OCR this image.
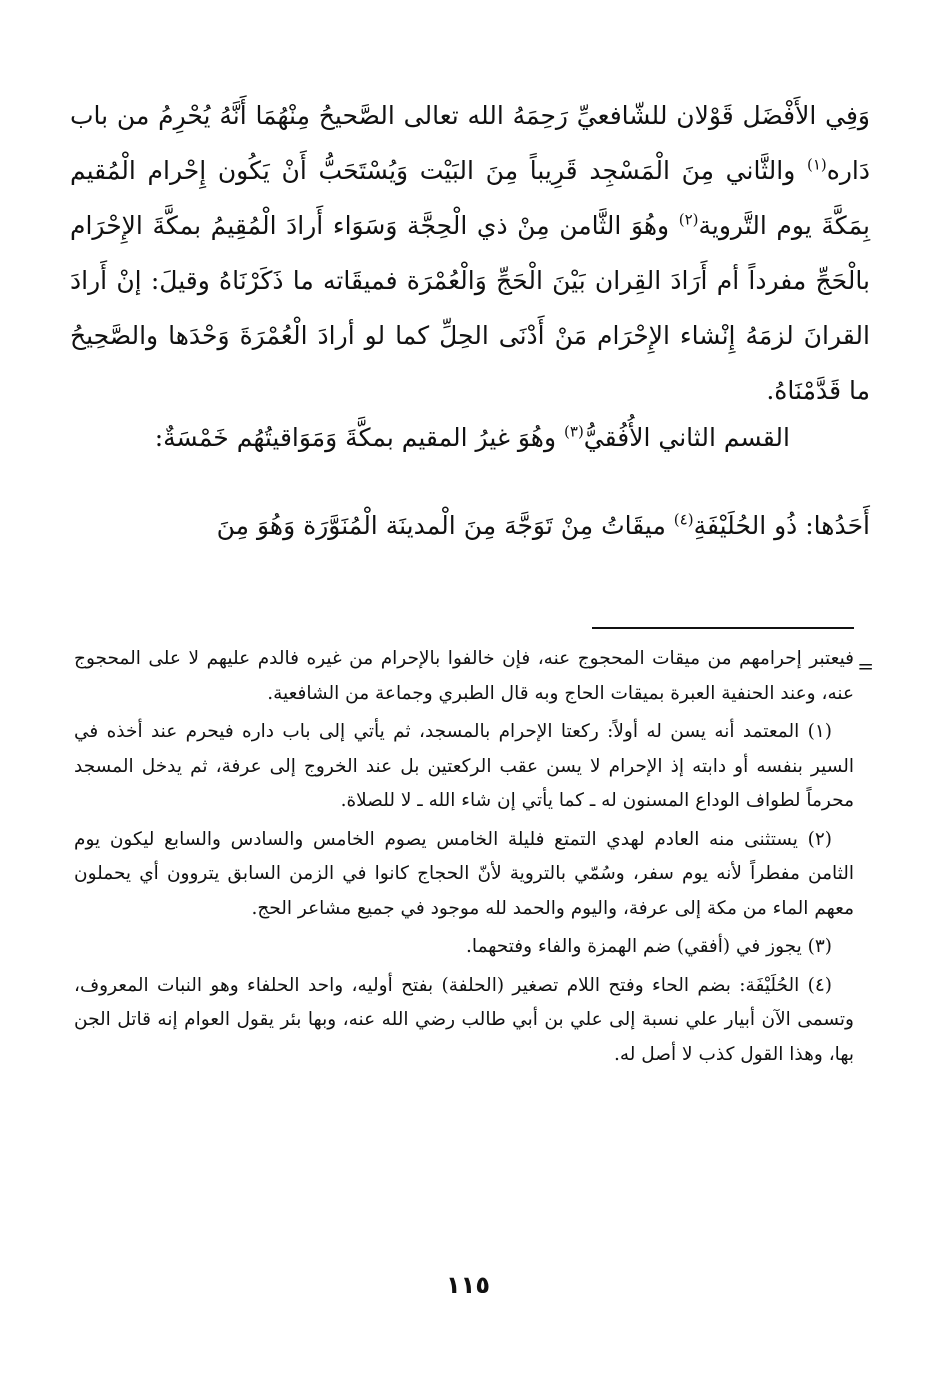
وَفِي الأَفْضَل قَوْلان للشّافعيِّ رَحِمَهُ الله تعالى الصَّحيحُ مِنْهُمَا أَنَّهُ يُحْرِمُ من باب دَاره$^{(١)}$ والثَّاني مِنَ الْمَسْجِد قَرِيباً مِنَ البَيْت وَيُسْتَحَبُّ أَنْ يَكُون إِحْرام الْمُقيم بِمَكَّةَ يوم التَّروية$^{(٢)}$ وهُوَ الثَّامن مِنْ ذي الْحِجَّة وَسَوَاء أَرادَ الْمُقِيمُ بمكَّةَ الإِحْرَام بالْحَجِّ مفرداً أم أَرَادَ القِران بَيْنَ الْحَجِّ وَالْعُمْرَة فميقَاته ما ذَكَرْنَاهُ وقيلَ: إنْ أَرادَ القرانَ لزمَهُ إِنْشاء الإِحْرَام مَنْ أَدْنَى الحِلِّ كما لو أرادَ الْعُمْرَةَ وَحْدَها والصَّحِيحُ ما قَدَّمْنَاهُ.

القسم الثاني الأُفُقيُّ$^{(٣)}$ وهُوَ غيرُ المقيم بمكَّةَ وَمَوَاقيتُهُم خَمْسَةٌ:
أَحَدُها: ذُو الحُلَيْفَةِ$^{(٤)}$ ميقَاتُ مِنْ تَوَجَّهَ مِنَ الْمدينَة الْمُنَوَّرَة وَهُوَ مِنَ
=

فيعتبر إحرامهم من ميقات المحجوج عنه، فإن خالفوا بالإحرام من غيره فالدم عليهم لا على المحجوج عنه، وعند الحنفية العبرة بميقات الحاج وبه قال الطبري وجماعة من الشافعية.

(١) المعتمد أنه يسن له أولاً: ركعتا الإحرام بالمسجد، ثم يأتي إلى باب داره فيحرم عند أخذه في السير بنفسه أو دابته إذ الإحرام لا يسن عقب الركعتين بل عند الخروج إلى عرفة، ثم يدخل المسجد محرماً لطواف الوداع المسنون له ـ كما يأتي إن شاء الله ـ لا للصلاة.

(٢) يستثنى منه العادم لهدي التمتع فليلة الخامس يصوم الخامس والسادس والسابع ليكون يوم الثامن مفطراً لأنه يوم سفر، وسُمّي بالتروية لأنّ الحجاج كانوا في الزمن السابق يتروون أي يحملون معهم الماء من مكة إلى عرفة، واليوم والحمد لله موجود في جميع مشاعر الحج.

(٣) يجوز في (أفقي) ضم الهمزة والفاء وفتحهما.

(٤) الحُلَيْفَة: بضم الحاء وفتح اللام تصغير (الحلفة) بفتح أوليه، واحد الحلفاء وهو النبات المعروف، وتسمى الآن أبيار علي نسبة إلى علي بن أبي طالب رضي الله عنه، وبها بئر يقول العوام إنه قاتل الجن بها، وهذا القول كذب لا أصل له.

١١٥
